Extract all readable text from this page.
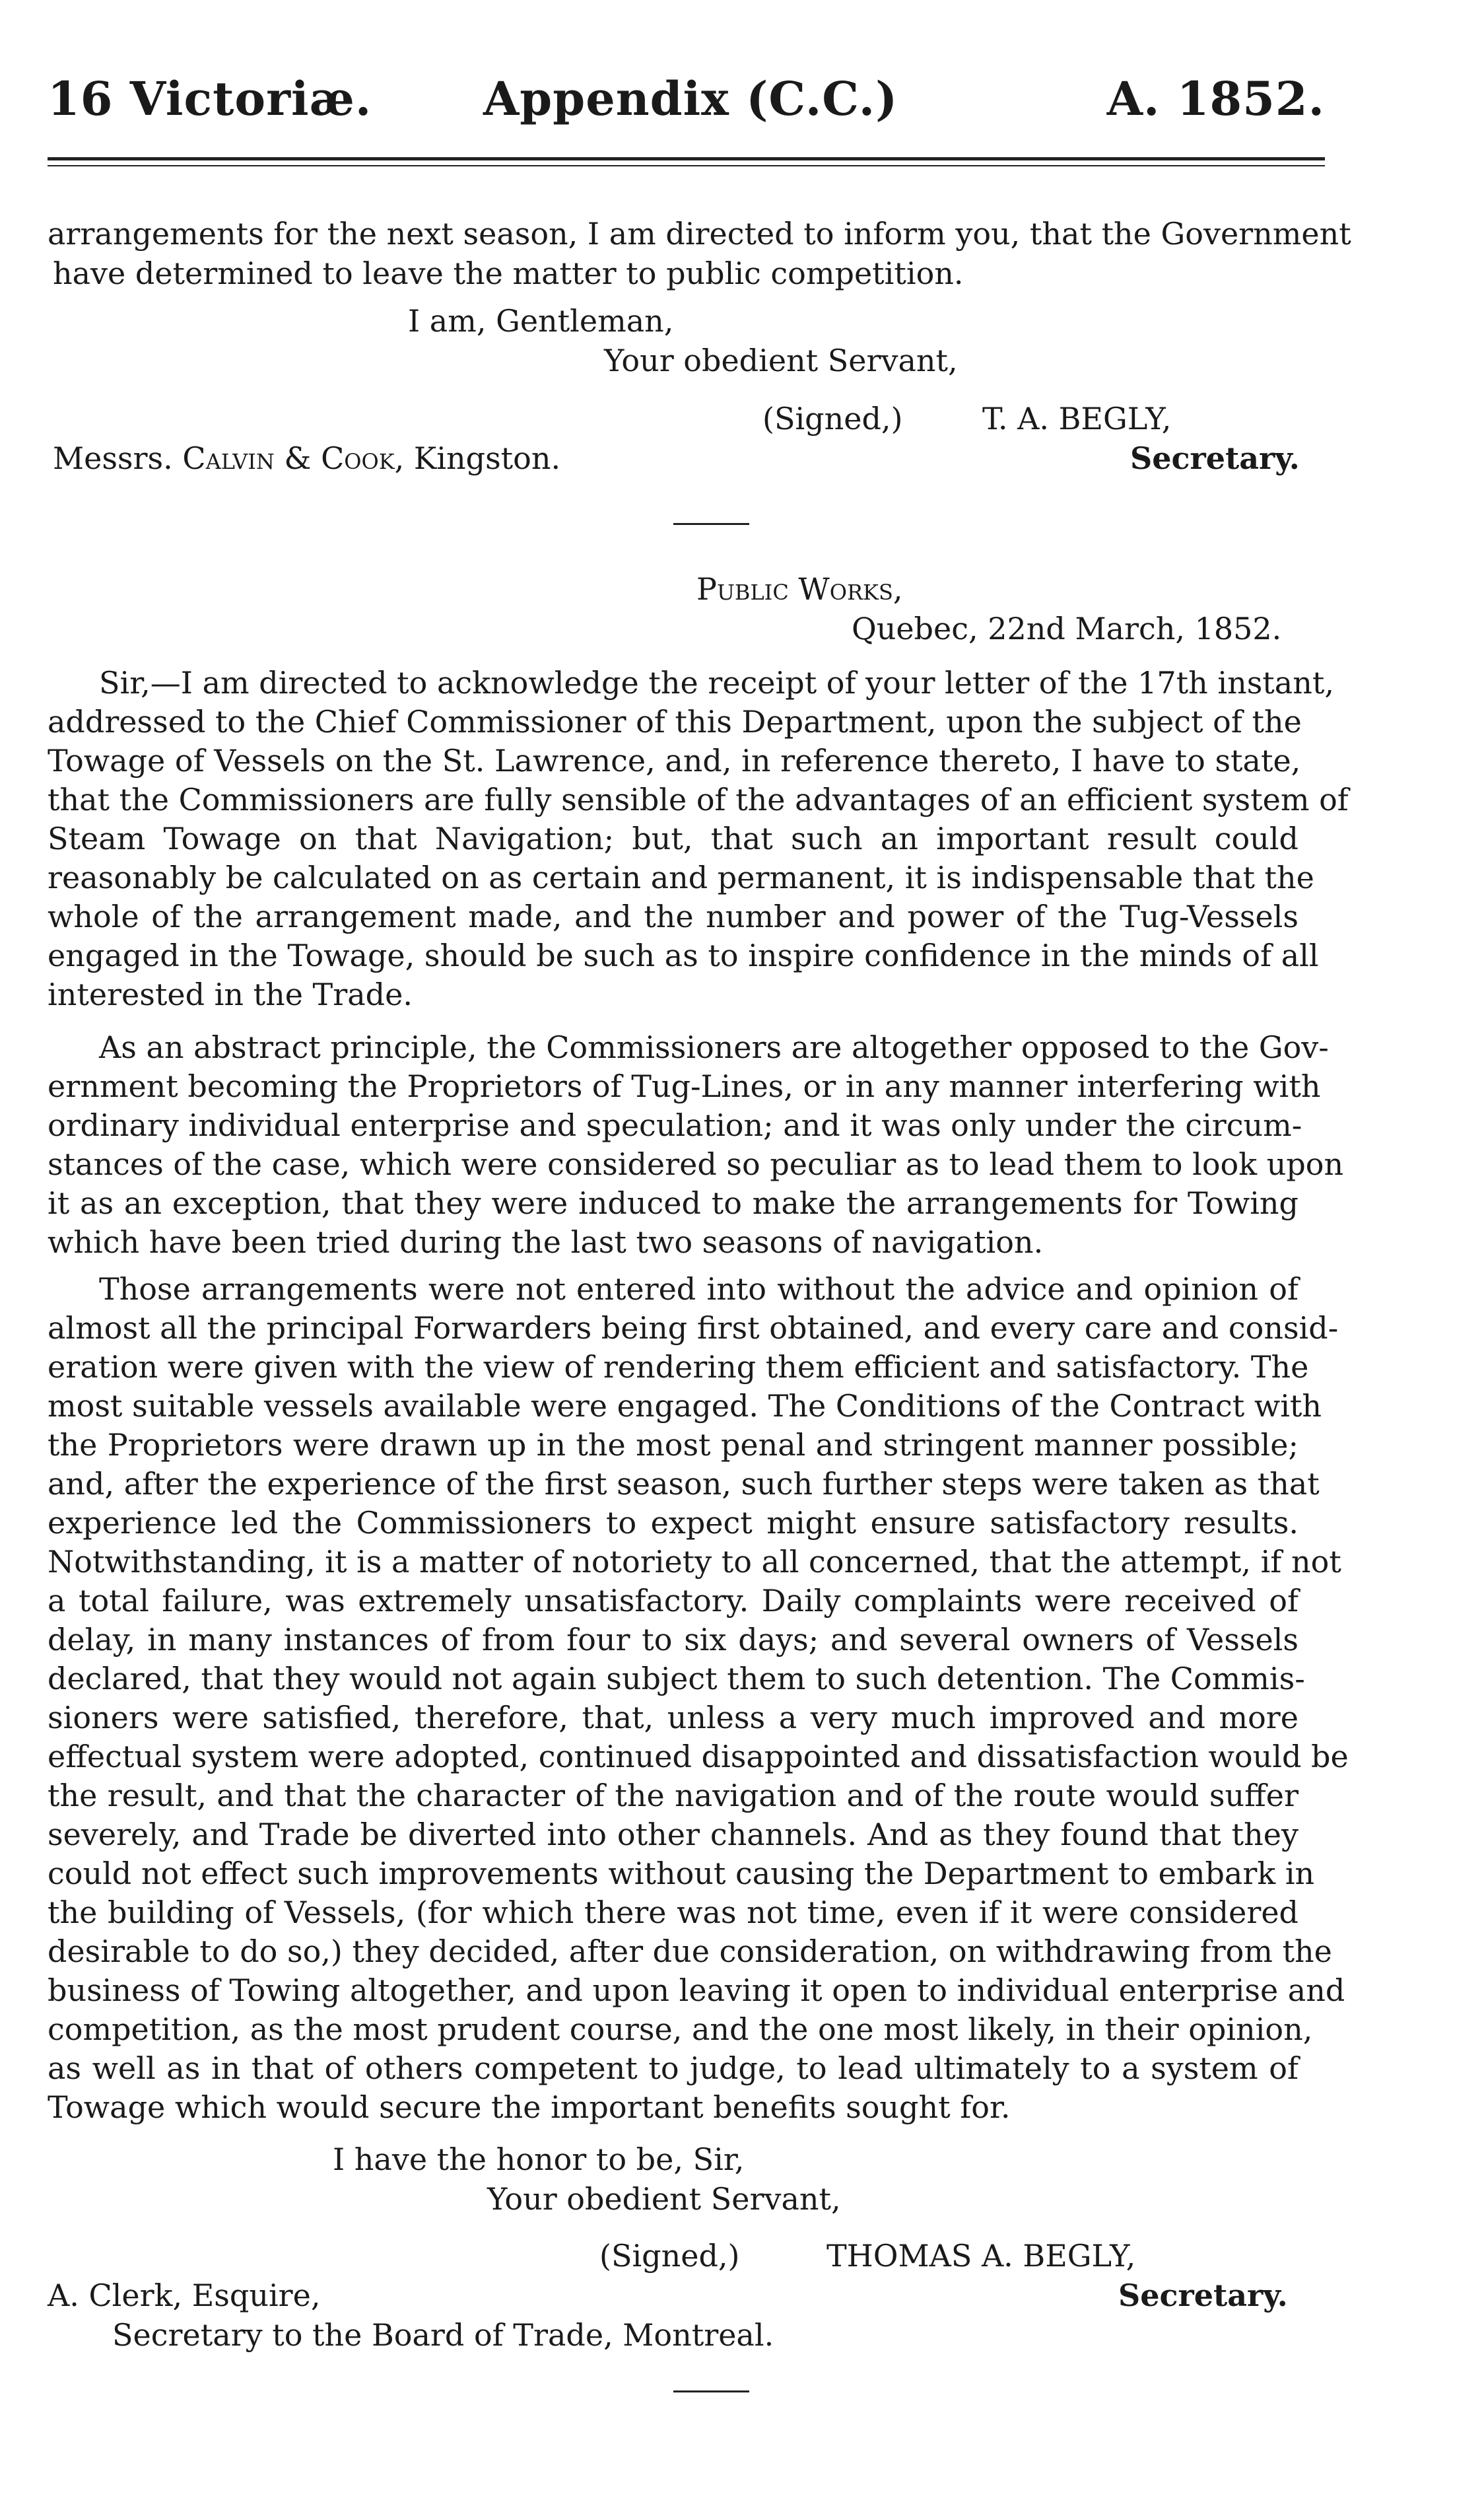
16 Victoriæ. Appendix (C.C.)	A. 1852.
arrangements for the next season, I am directed to inform you, that the Government
have determined to leave the matter to public competition.
I am, Gentleman,
Your obedient Servant,
(Signed,)	T. A. BEGLY,
Messrs. Calvin & Cook, Kingston.	Secretary.
Public Works,
Quebec, 22nd March, 1852.
Sir,—I am directed to acknowledge the receipt of your letter of the 17th instant,
addressed to the Chief Commissioner of this Department, upon the subject of the
Towage of Vessels on the St. Lawrence, and, in reference thereto, I have to state,
that the Commissioners are fully sensible of the advantages of an efficient system of
Steam Towage on that Navigation; but, that such an important result could
reasonably be calculated on as certain and permanent, it is indispensable that the
whole of the arrangement made, and the number and power of the Tug-Vessels
engaged in the Towage, should be such as to inspire confidence in the minds of all
interested in the Trade.
As an abstract principle, the Commissioners are altogether opposed to the Gov-
ernment becoming the Proprietors of Tug-Lines, or in any manner interfering with
ordinary individual enterprise and speculation; and it was only under the circum-
stances of the case, which were considered so peculiar as to lead them to look upon
it as an exception, that they were induced to make the arrangements for Towing
which have been tried during the last two seasons of navigation.
Those arrangements were not entered into without the advice and opinion of
almost all the principal Forwarders being first obtained, and every care and consid-
eration were given with the view of rendering them efficient and satisfactory. The
most suitable vessels available were engaged. The Conditions of the Contract with
the Proprietors were drawn up in the most penal and stringent manner possible;
and, after the experience of the first season, such further steps were taken as that
experience led the Commissioners to expect might ensure satisfactory results.
Notwithstanding, it is a matter of notoriety to all concerned, that the attempt, if not
a total failure, was extremely unsatisfactory. Daily complaints were received of
delay, in many instances of from four to six days; and several owners of Vessels
declared, that they would not again subject them to such detention. The Commis-
sioners were satisfied, therefore, that, unless a very much improved and more
effectual system were adopted, continued disappointed and dissatisfaction would be
the result, and that the character of the navigation and of the route would suffer
severely, and Trade be diverted into other channels. And as they found that they
could not effect such improvements without causing the Department to embark in
the building of Vessels, (for which there was not time, even if it were considered
desirable to do so,) they decided, after due consideration, on withdrawing from the
business of Towing altogether, and upon leaving it open to individual enterprise and
competition, as the most prudent course, and the one most likely, in their opinion,
as well as in that of others competent to judge, to lead ultimately to a system of
Towage which would secure the important benefits sought for.
I have the honor to be, Sir,
Your obedient Servant,
(Signed,)	THOMAS A. BEGLY,
A. Clerk, Esquire,	Secretary.
Secretary to the Board of Trade, Montreal.
